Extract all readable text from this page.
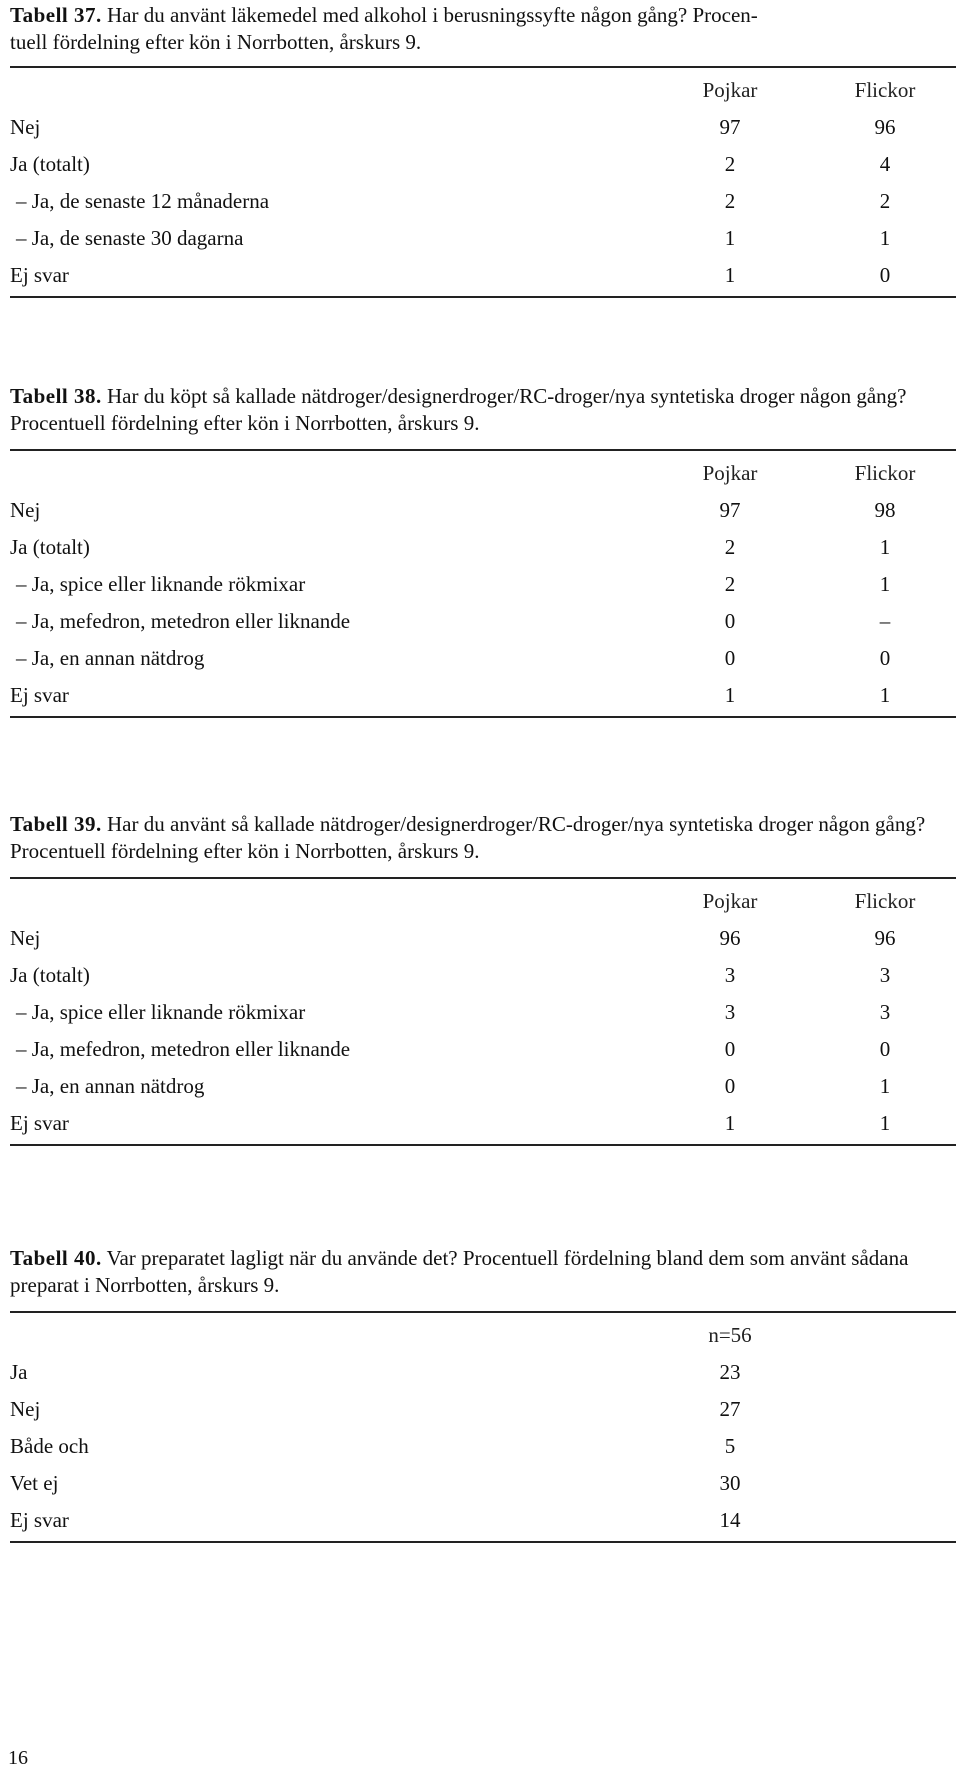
Tabell 37. Har du använt läkemedel med alkohol i berusningssyfte någon gång? Procen-
tuell fördelning efter kön i Norrbotten, årskurs 9.

Pojkar	Flickor
Nej	97	96
Ja (totalt)	2	4
– Ja, de senaste 12 månaderna	2	2
– Ja, de senaste 30 dagarna	1	1
Ej svar	1	0

Tabell 38. Har du köpt så kallade nätdroger/designerdroger/RC-droger/nya syntetiska droger någon gång? Procentuell fördelning efter kön i Norrbotten, årskurs 9.

Pojkar	Flickor
Nej	97	98
Ja (totalt)	2	1
– Ja, spice eller liknande rökmixar	2	1
– Ja, mefedron, metedron eller liknande	0	–
– Ja, en annan nätdrog	0	0
Ej svar	1	1

Tabell 39. Har du använt så kallade nätdroger/designerdroger/RC-droger/nya syntetiska droger någon gång? Procentuell fördelning efter kön i Norrbotten, årskurs 9.

Pojkar	Flickor
Nej	96	96
Ja (totalt)	3	3
– Ja, spice eller liknande rökmixar	3	3
– Ja, mefedron, metedron eller liknande	0	0
– Ja, en annan nätdrog	0	1
Ej svar	1	1

Tabell 40. Var preparatet lagligt när du använde det? Procentuell fördelning bland dem som använt sådana preparat i Norrbotten, årskurs 9.

n=56
Ja	23
Nej	27
Både och	5
Vet ej	30
Ej svar	14
16
